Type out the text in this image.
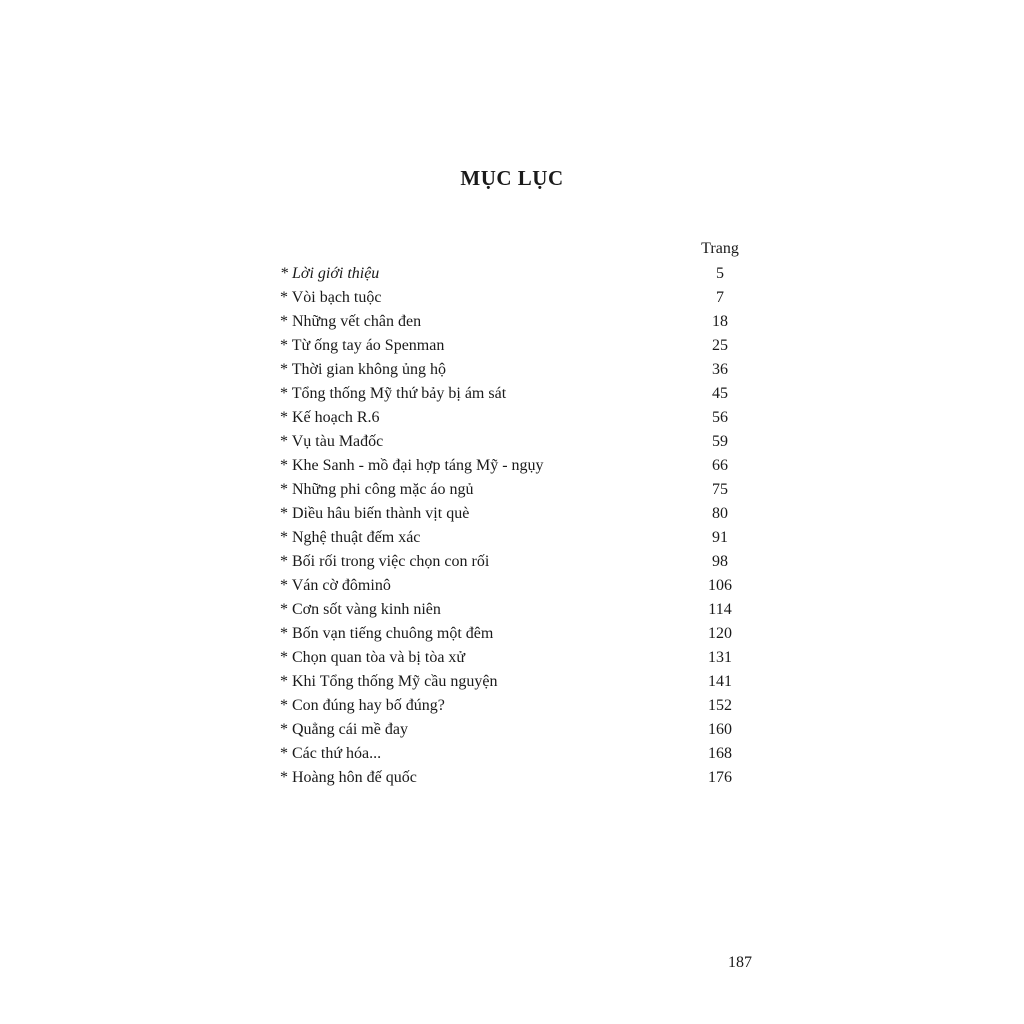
MỤC LỤC
Trang
* Lời giới thiệu	5
* Vòi bạch tuộc	7
* Những vết chân đen	18
* Từ ống tay áo Spenman	25
* Thời gian không ủng hộ	36
* Tổng thống Mỹ thứ bảy bị ám sát	45
* Kế hoạch R.6	56
* Vụ tàu Mađốc	59
* Khe Sanh - mồ đại hợp táng Mỹ - ngụy	66
* Những phi công mặc áo ngủ	75
* Diều hâu biến thành vịt què	80
* Nghệ thuật đếm xác	91
* Bối rối trong việc chọn con rối	98
* Ván cờ đôminô	106
* Cơn sốt vàng kinh niên	114
* Bốn vạn tiếng chuông một đêm	120
* Chọn quan tòa và bị tòa xử	131
* Khi Tổng thống Mỹ cầu nguyện	141
* Con đúng hay bố đúng?	152
* Quẳng cái mề đay	160
* Các thứ hóa...	168
* Hoàng hôn đế quốc	176
187
